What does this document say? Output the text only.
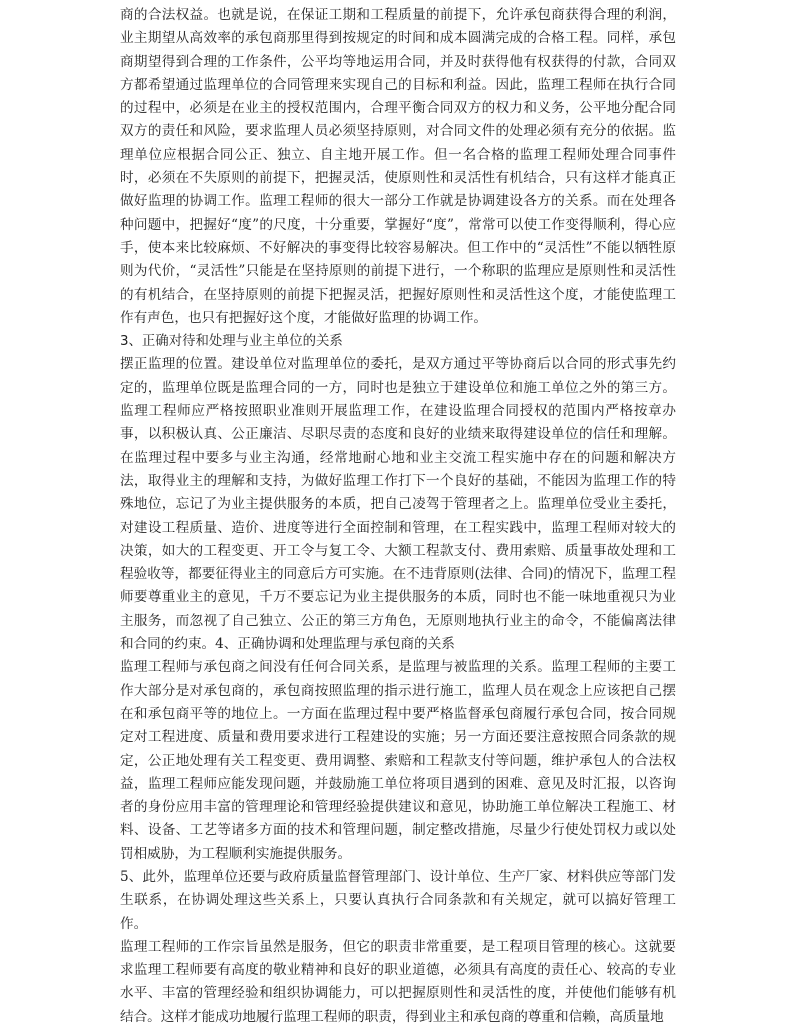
商的合法权益。也就是说，在保证工期和工程质量的前提下，允许承包商获得合理的利润，业主期望从高效率的承包商那里得到按规定的时间和成本圆满完成的合格工程。同样，承包商期望得到合理的工作条件，公平均等地运用合同，并及时获得他有权获得的付款，合同双方都希望通过监理单位的合同管理来实现自己的目标和利益。因此，监理工程师在执行合同的过程中，必须是在业主的授权范围内，合理平衡合同双方的权力和义务，公平地分配合同双方的责任和风险，要求监理人员必须坚持原则，对合同文件的处理必须有充分的依据。监理单位应根据合同公正、独立、自主地开展工作。但一名合格的监理工程师处理合同事件时，必须在不失原则的前提下，把握灵活，使原则性和灵活性有机结合，只有这样才能真正做好监理的协调工作。监理工程师的很大一部分工作就是协调建设各方的关系。而在处理各种问题中，把握好“度”的尺度，十分重要，掌握好“度”，常常可以使工作变得顺利，得心应手，使本来比较麻烦、不好解决的事变得比较容易解决。但工作中的“灵活性”不能以牺牲原则为代价，“灵活性”只能是在坚持原则的前提下进行，一个称职的监理应是原则性和灵活性的有机结合，在坚持原则的前提下把握灵活，把握好原则性和灵活性这个度，才能使监理工作有声色，也只有把握好这个度，才能做好监理的协调工作。

3、正确对待和处理与业主单位的关系

摆正监理的位置。建设单位对监理单位的委托，是双方通过平等协商后以合同的形式事先约定的，监理单位既是监理合同的一方，同时也是独立于建设单位和施工单位之外的第三方。监理工程师应严格按照职业准则开展监理工作，在建设监理合同授权的范围内严格按章办事，以积极认真、公正廉洁、尽职尽责的态度和良好的业绩来取得建设单位的信任和理解。在监理过程中要多与业主沟通，经常地耐心地和业主交流工程实施中存在的问题和解决方法，取得业主的理解和支持，为做好监理工作打下一个良好的基础，不能因为监理工作的特殊地位，忘记了为业主提供服务的本质，把自己凌驾于管理者之上。监理单位受业主委托，对建设工程质量、造价、进度等进行全面控制和管理，在工程实践中，监理工程师对较大的决策，如大的工程变更、开工令与复工令、大额工程款支付、费用索赔、质量事故处理和工程验收等，都要征得业主的同意后方可实施。在不违背原则(法律、合同)的情况下，监理工程师要尊重业主的意见，千万不要忘记为业主提供服务的本质，同时也不能一味地重视只为业主服务，而忽视了自己独立、公正的第三方角色，无原则地执行业主的命令，不能偏离法律和合同的约束。4、正确协调和处理监理与承包商的关系

监理工程师与承包商之间没有任何合同关系，是监理与被监理的关系。监理工程师的主要工作大部分是对承包商的，承包商按照监理的指示进行施工，监理人员在观念上应该把自己摆在和承包商平等的地位上。一方面在监理过程中要严格监督承包商履行承包合同，按合同规定对工程进度、质量和费用要求进行工程建设的实施；另一方面还要注意按照合同条款的规定，公正地处理有关工程变更、费用调整、索赔和工程款支付等问题，维护承包人的合法权益，监理工程师应能发现问题，并鼓励施工单位将项目遇到的困难、意见及时汇报，以咨询者的身份应用丰富的管理理论和管理经验提供建议和意见，协助施工单位解决工程施工、材料、设备、工艺等诸多方面的技术和管理问题，制定整改措施，尽量少行使处罚权力或以处罚相威胁，为工程顺利实施提供服务。

5、此外，监理单位还要与政府质量监督管理部门、设计单位、生产厂家、材料供应等部门发生联系，在协调处理这些关系上，只要认真执行合同条款和有关规定，就可以搞好管理工作。

监理工程师的工作宗旨虽然是服务，但它的职责非常重要，是工程项目管理的核心。这就要求监理工程师要有高度的敬业精神和良好的职业道德，必须具有高度的责任心、较高的专业水平、丰富的管理经验和组织协调能力，可以把握原则性和灵活性的度，并使他们能够有机结合。这样才能成功地履行监理工程师的职责，得到业主和承包商的尊重和信赖，高质量地
